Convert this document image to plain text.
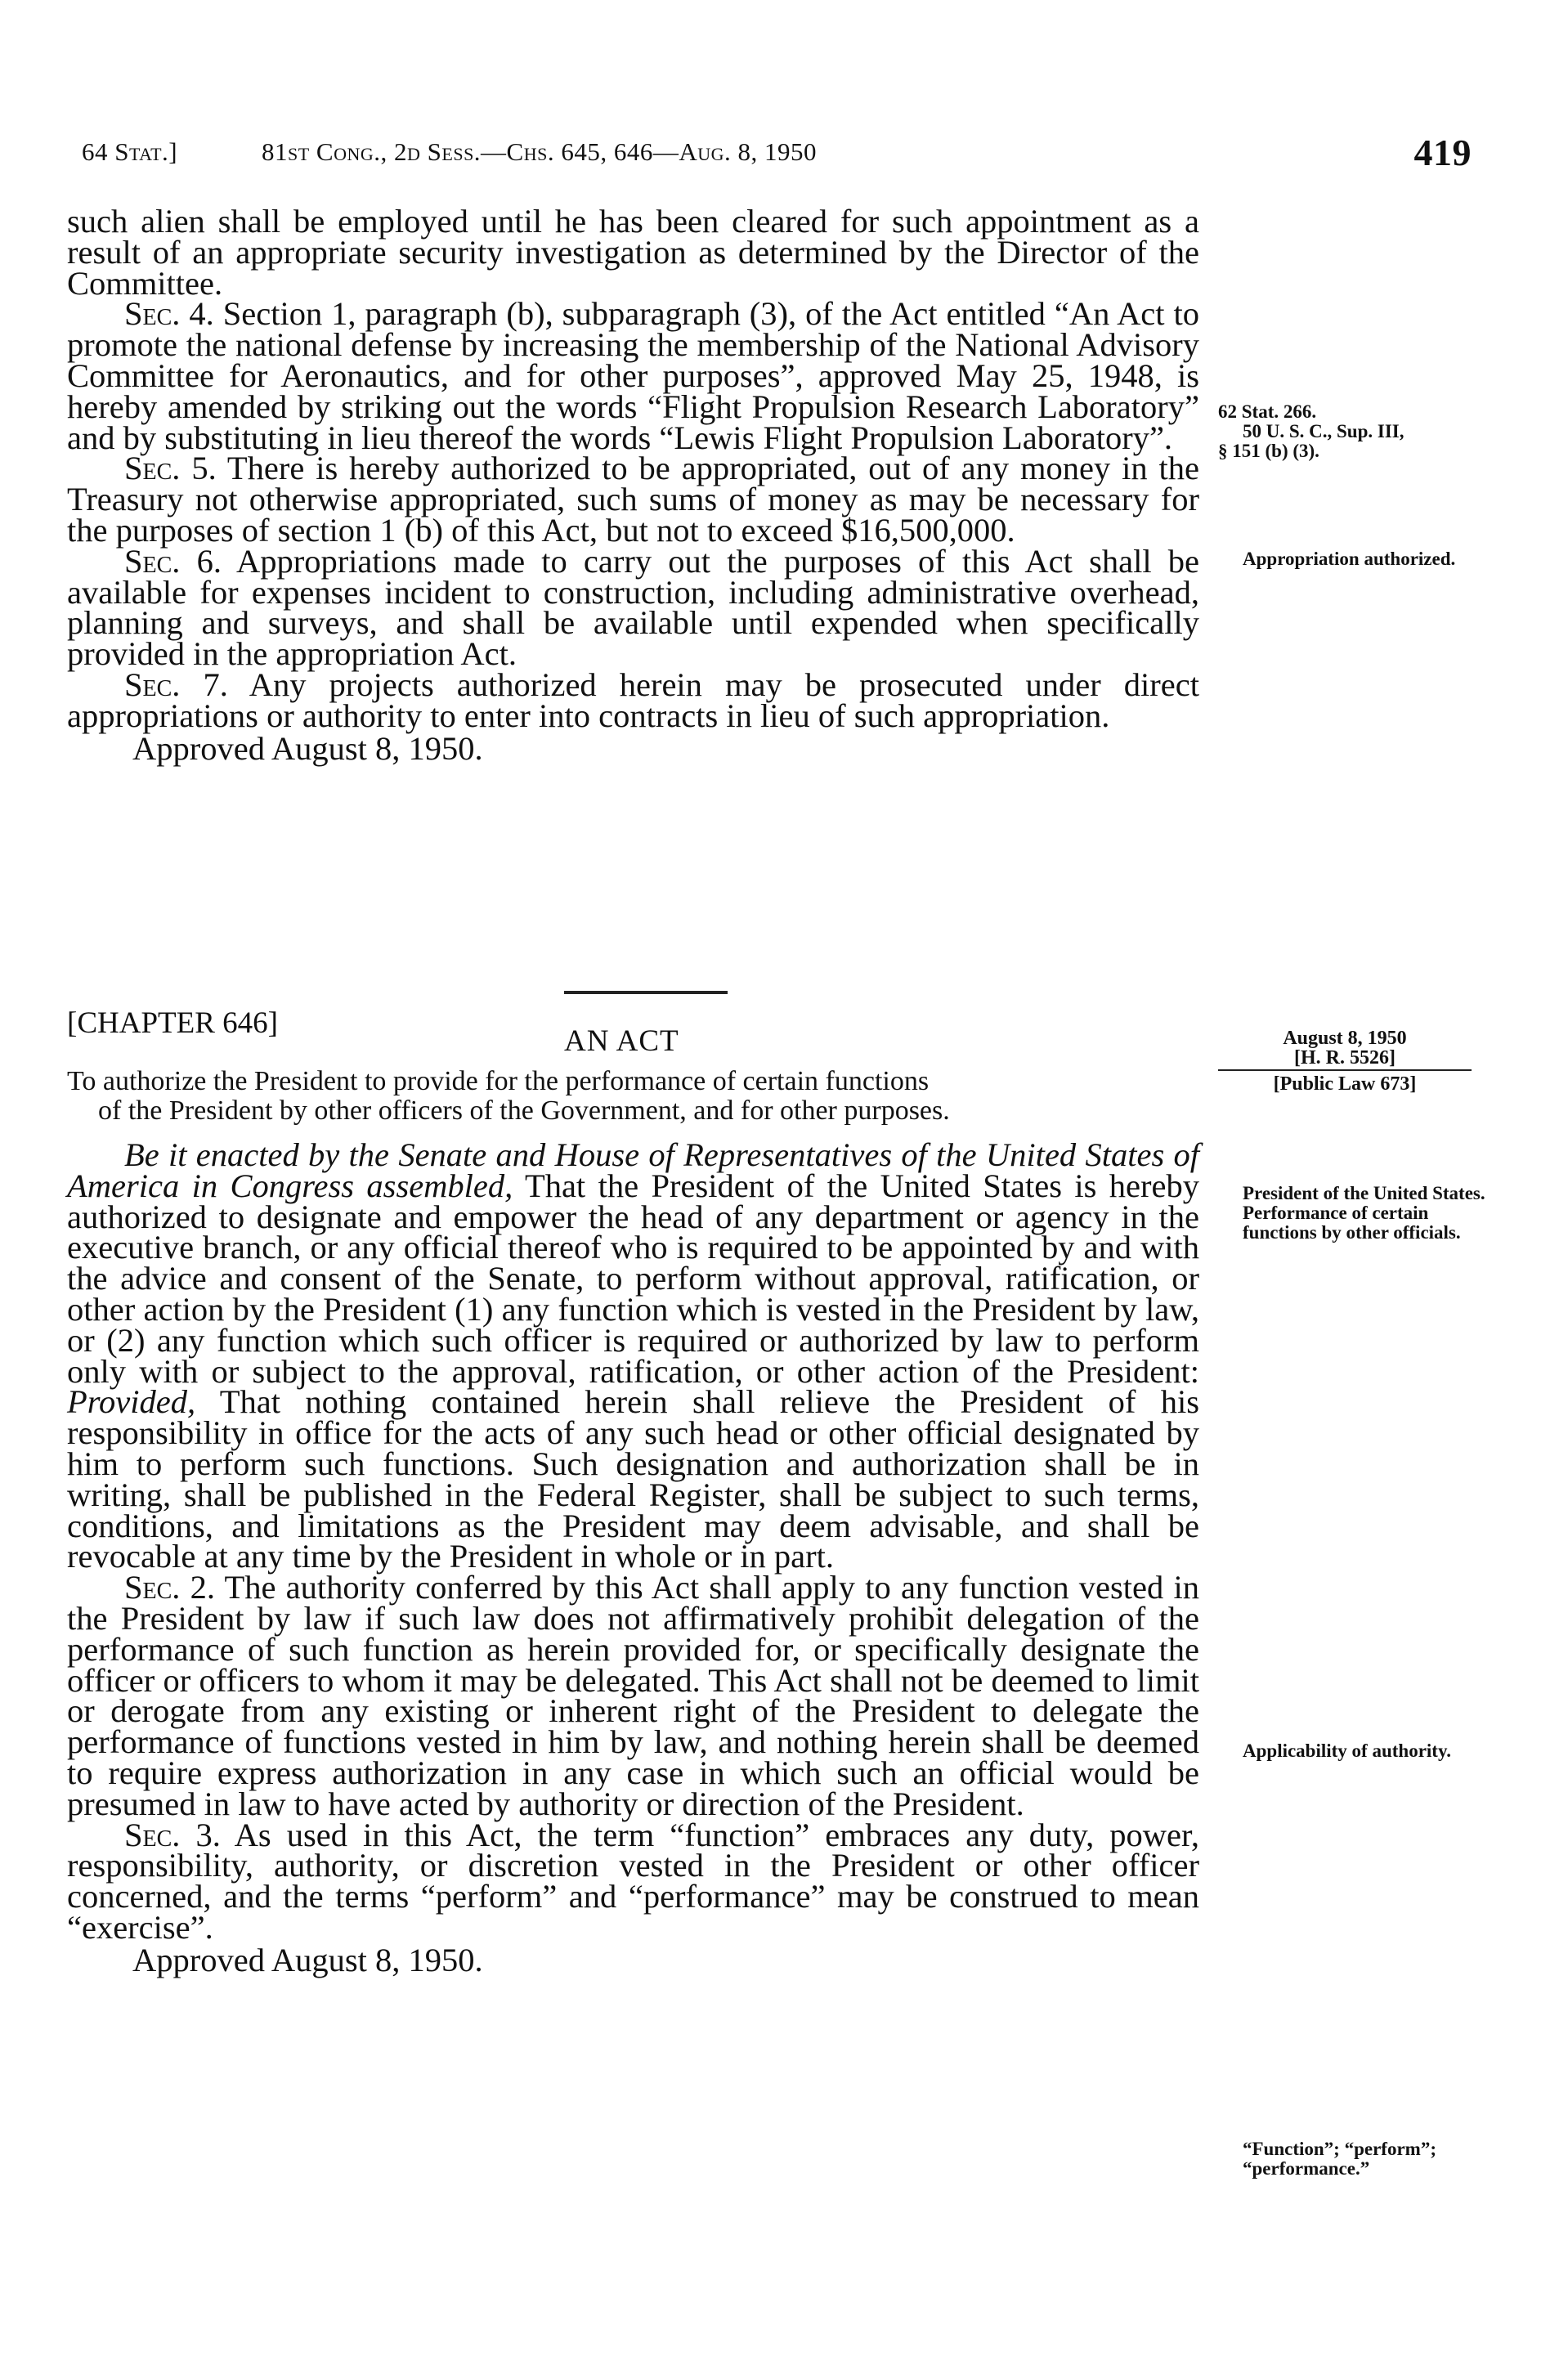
64 Stat.]	81st Cong., 2d Sess.—Chs. 645, 646—Aug. 8, 1950	419

such alien shall be employed until he has been cleared for such appointment as a result of an appropriate security investigation as determined by the Director of the Committee.

Sec. 4. Section 1, paragraph (b), subparagraph (3), of the Act entitled “An Act to promote the national defense by increasing the membership of the National Advisory Committee for Aeronautics, and for other purposes”, approved May 25, 1948, is hereby amended by striking out the words “Flight Propulsion Research Laboratory” and by substituting in lieu thereof the words “Lewis Flight Propulsion Laboratory”.

Sec. 5. There is hereby authorized to be appropriated, out of any money in the Treasury not otherwise appropriated, such sums of money as may be necessary for the purposes of section 1 (b) of this Act, but not to exceed $16,500,000.

Sec. 6. Appropriations made to carry out the purposes of this Act shall be available for expenses incident to construction, including administrative overhead, planning and surveys, and shall be available until expended when specifically provided in the appropriation Act.

Sec. 7. Any projects authorized herein may be prosecuted under direct appropriations or authority to enter into contracts in lieu of such appropriation.

Approved August 8, 1950.

[CHAPTER 646]
AN ACT

To authorize the President to provide for the performance of certain functions

of the President by other officers of the Government, and for other purposes.

Be it enacted by the Senate and House of Representatives of the United States of America in Congress assembled, That the President of the United States is hereby authorized to designate and empower the head of any department or agency in the executive branch, or any official thereof who is required to be appointed by and with the advice and consent of the Senate, to perform without approval, ratification, or other action by the President (1) any function which is vested in the President by law, or (2) any function which such officer is required or authorized by law to perform only with or subject to the approval, ratification, or other action of the President: Provided, That nothing contained herein shall relieve the President of his responsibility in office for the acts of any such head or other official designated by him to perform such functions. Such designation and authorization shall be in writing, shall be published in the Federal Register, shall be subject to such terms, conditions, and limitations as the President may deem advisable, and shall be revocable at any time by the President in whole or in part.

Sec. 2. The authority conferred by this Act shall apply to any function vested in the President by law if such law does not affirmatively prohibit delegation of the performance of such function as herein provided for, or specifically designate the officer or officers to whom it may be delegated. This Act shall not be deemed to limit or derogate from any existing or inherent right of the President to delegate the performance of functions vested in him by law, and nothing herein shall be deemed to require express authorization in any case in which such an official would be presumed in law to have acted by authority or direction of the President.

Sec. 3. As used in this Act, the term “function” embraces any duty, power, responsibility, authority, or discretion vested in the President or other officer concerned, and the terms “perform” and “performance” may be construed to mean “exercise”.

Approved August 8, 1950.

62 Stat. 266.

50 U. S. C., Sup. III,

§ 151 (b) (3).

Appropriation authorized.

August 8, 1950

[H. R. 5526]

[Public Law 673]

President of the United States.

Performance of certain functions by other officials.

Applicability of authority.

“Function”; “perform”; “performance.”
